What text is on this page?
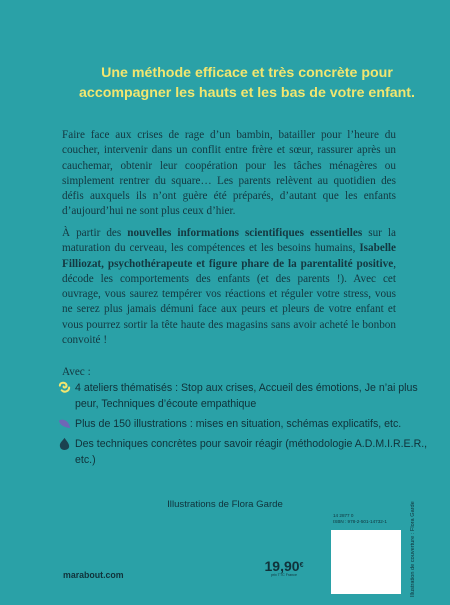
Une méthode efficace et très concrète pour
accompagner les hauts et les bas de votre enfant.

Faire face aux crises de rage d’un bambin, batailler pour l’heure du coucher, intervenir dans un conflit entre frère et sœur, rassurer après un cauchemar, obtenir leur coopération pour les tâches ménagères ou simplement rentrer du square… Les parents relèvent au quotidien des défis auxquels ils n’ont guère été préparés, d’autant que les enfants d’aujourd’hui ne sont plus ceux d’hier.

À partir des nouvelles informations scientifiques essentielles sur la maturation du cerveau, les compétences et les besoins humains, Isabelle Filliozat, psychothérapeute et figure phare de la parentalité positive, décode les comportements des enfants (et des parents !). Avec cet ouvrage, vous saurez tempérer vos réactions et réguler votre stress, vous ne serez plus jamais démuni face aux peurs et pleurs de votre enfant et vous pourrez sortir la tête haute des magasins sans avoir acheté le bonbon convoité !

Avec :

4 ateliers thématisés : Stop aux crises, Accueil des émotions, Je n’ai plus peur, Techniques d’écoute empathique
Plus de 150 illustrations : mises en situation, schémas explicatifs, etc.
Des techniques concrètes pour savoir réagir (méthodologie A.D.M.I.R.E.R., etc.)
Illustrations de Flora Garde
marabout.com
19,90€
prix TTC France
14 2877 0
ISBN : 978-2-501-14732-1	Illustration de couverture : Flora Garde
